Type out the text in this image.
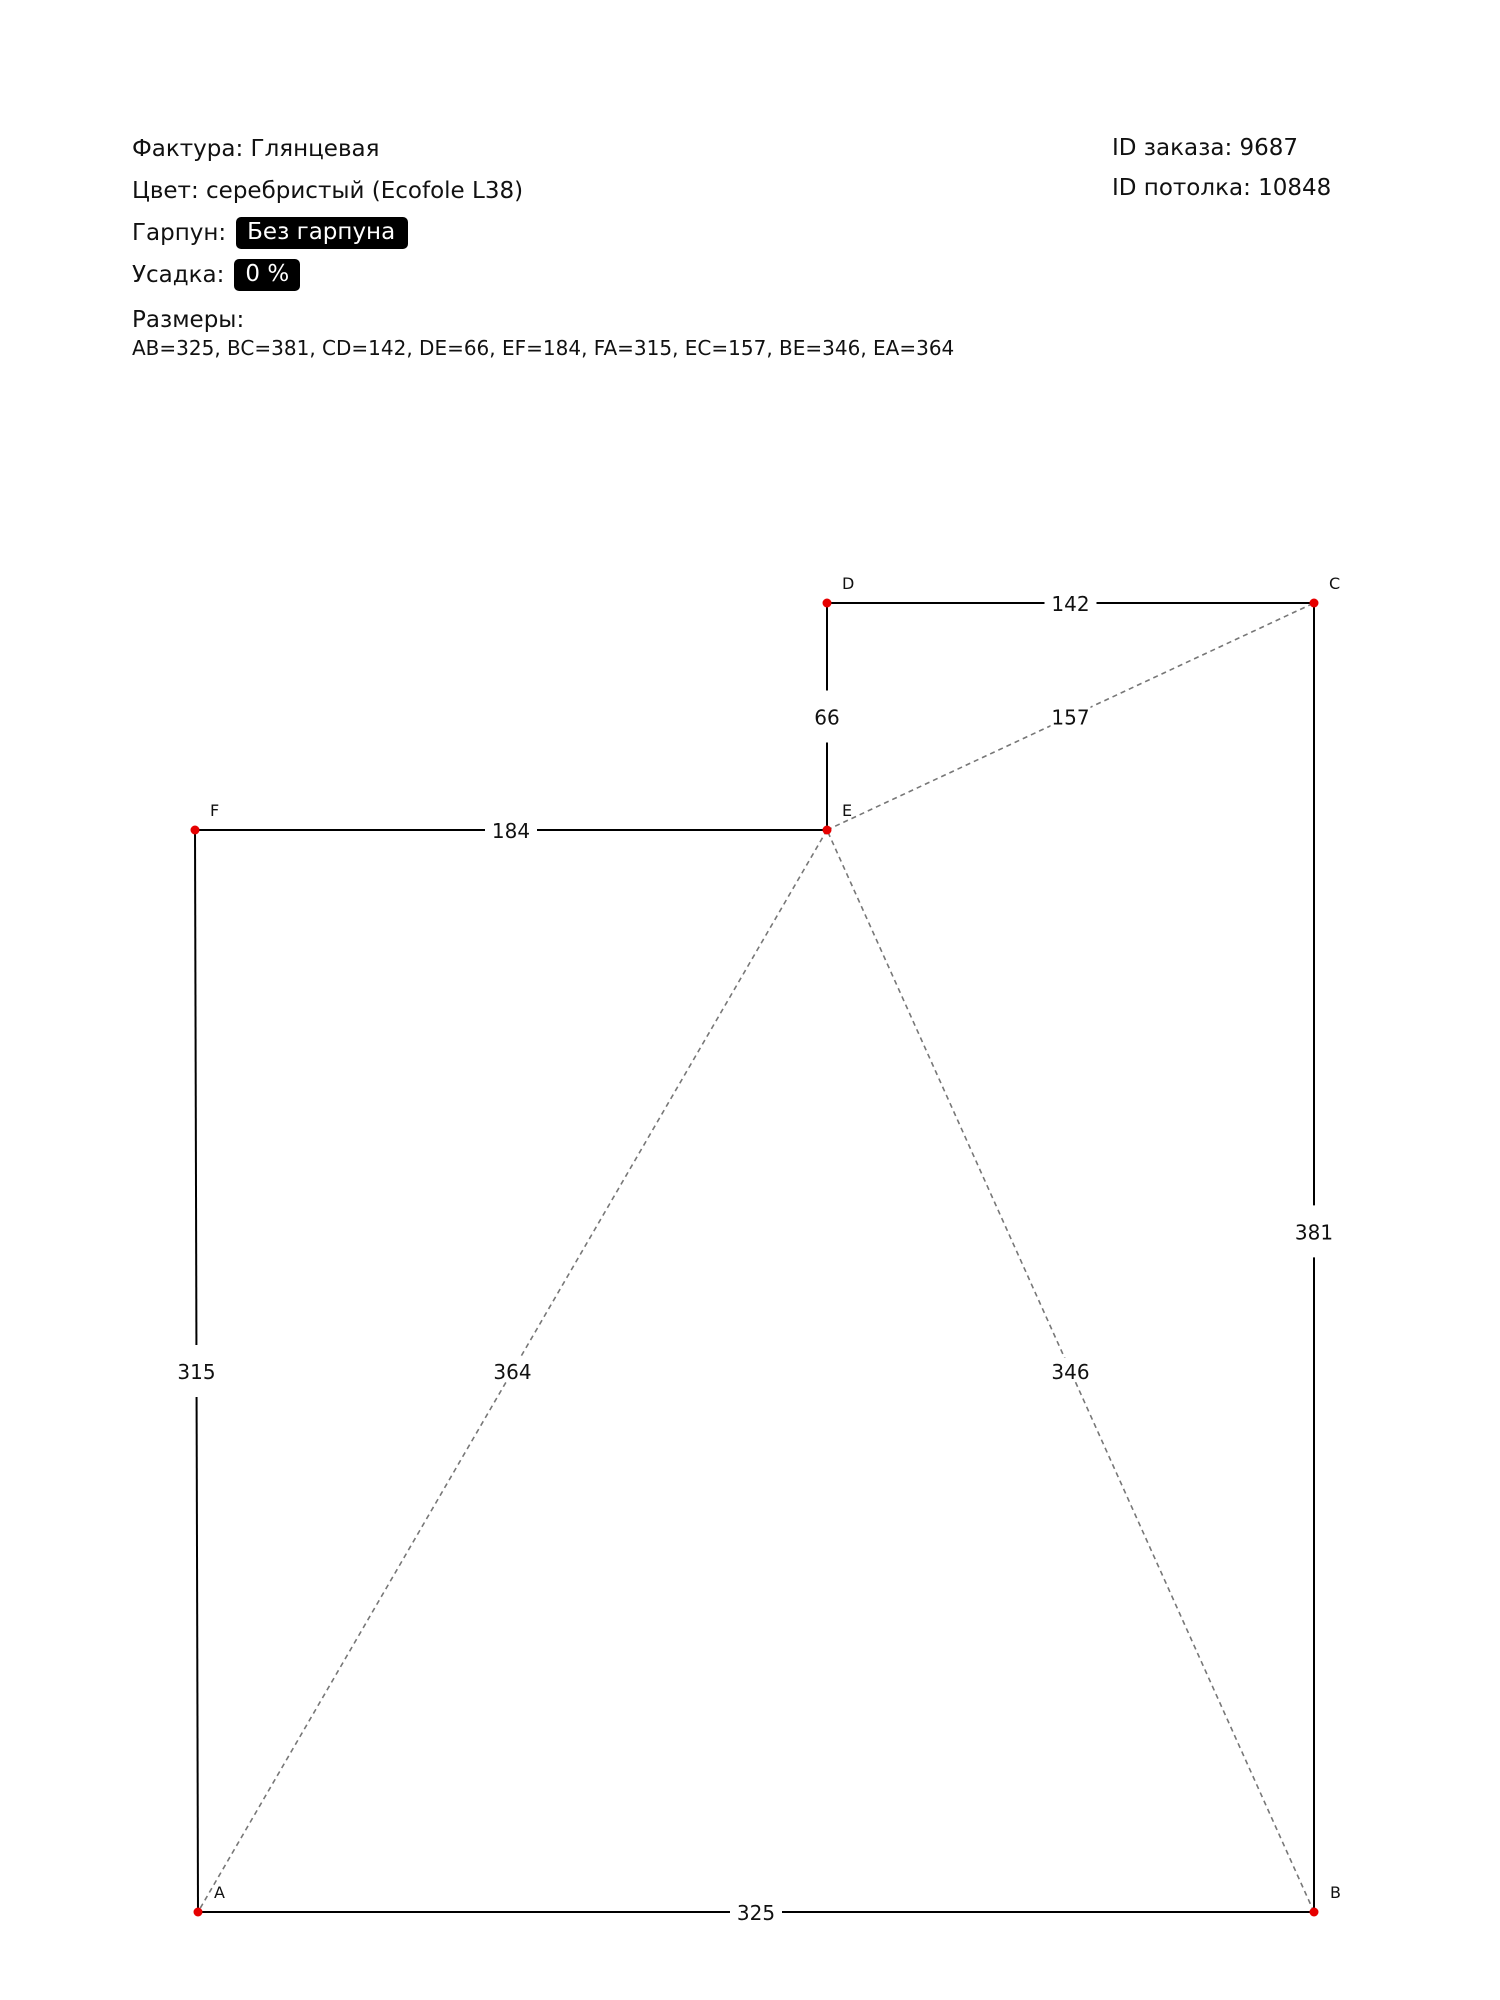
Фактура: Глянцевая
Цвет: серебристый (Ecofole L38)
Гарпун: Без гарпуна
Усадка: 0 %
Размеры:
AB=325, BC=381, CD=142, DE=66, EF=184, FA=315, EC=157, BE=346, EA=364
ID заказа: 9687
ID потолка: 10848
157
346
364
325
381
142
66
184
315
A	B
C
D
E
F
